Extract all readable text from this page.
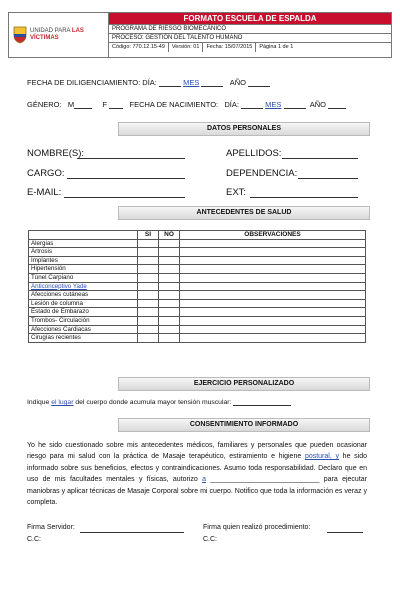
UNIDAD PARA LAS VÍCTIMAS
FORMATO ESCUELA DE ESPALDA
PROGRAMA DE RIESGO BIOMECÁNICO
PROCESO: GESTIÓN DEL TALENTO HUMANO
Código: 770.12.15-49	Versión: 01	Fecha: 15/07/2015	Página 1 de 1
FECHA DE DILIGENCIAMIENTO: DÍA:	MES	AÑO
GÉNERO: M	F	FECHA DE NACIMIENTO: DÍA:	MES	AÑO
DATOS PERSONALES
NOMBRE(S):	APELLIDOS:
CARGO:	DEPENDENCIA:
E-MAIL:	EXT:
ANTECEDENTES DE SALUD
	SI	NO	OBSERVACIONES
Alergias			
Artrosis			
Implantes			
Hipertensión			
Túnel Carpiano			
Anticonceptivo Yade			
Afecciones cutáneas			
Lesión de columna			
Estado de Embarazo			
Trombos- Circulación			
Afecciones Cardiacas			
Cirugías recientes			
EJERCICIO PERSONALIZADO
Indique el lugar del cuerpo donde acumula mayor tensión muscular:
CONSENTIMIENTO INFORMADO
Yo he sido cuestionado sobre mis antecedentes médicos, familiares y personales que pueden ocasionar riesgo para mi salud con la práctica de Masaje terapéutico, estiramiento e higiene postural, y he sido informado sobre sus beneficios, efectos y contraindicaciones. Asumo toda responsabilidad. Declaro que en uso de mis facultades mentales y físicas, autorizo a ____________________________ para ejecutar maniobras y aplicar técnicas de Masaje Corporal sobre mi cuerpo. Notifico que toda la información es veraz y completa.
Firma Servidor:
C.C:
Firma quien realizó procedimiento:
C.C:
